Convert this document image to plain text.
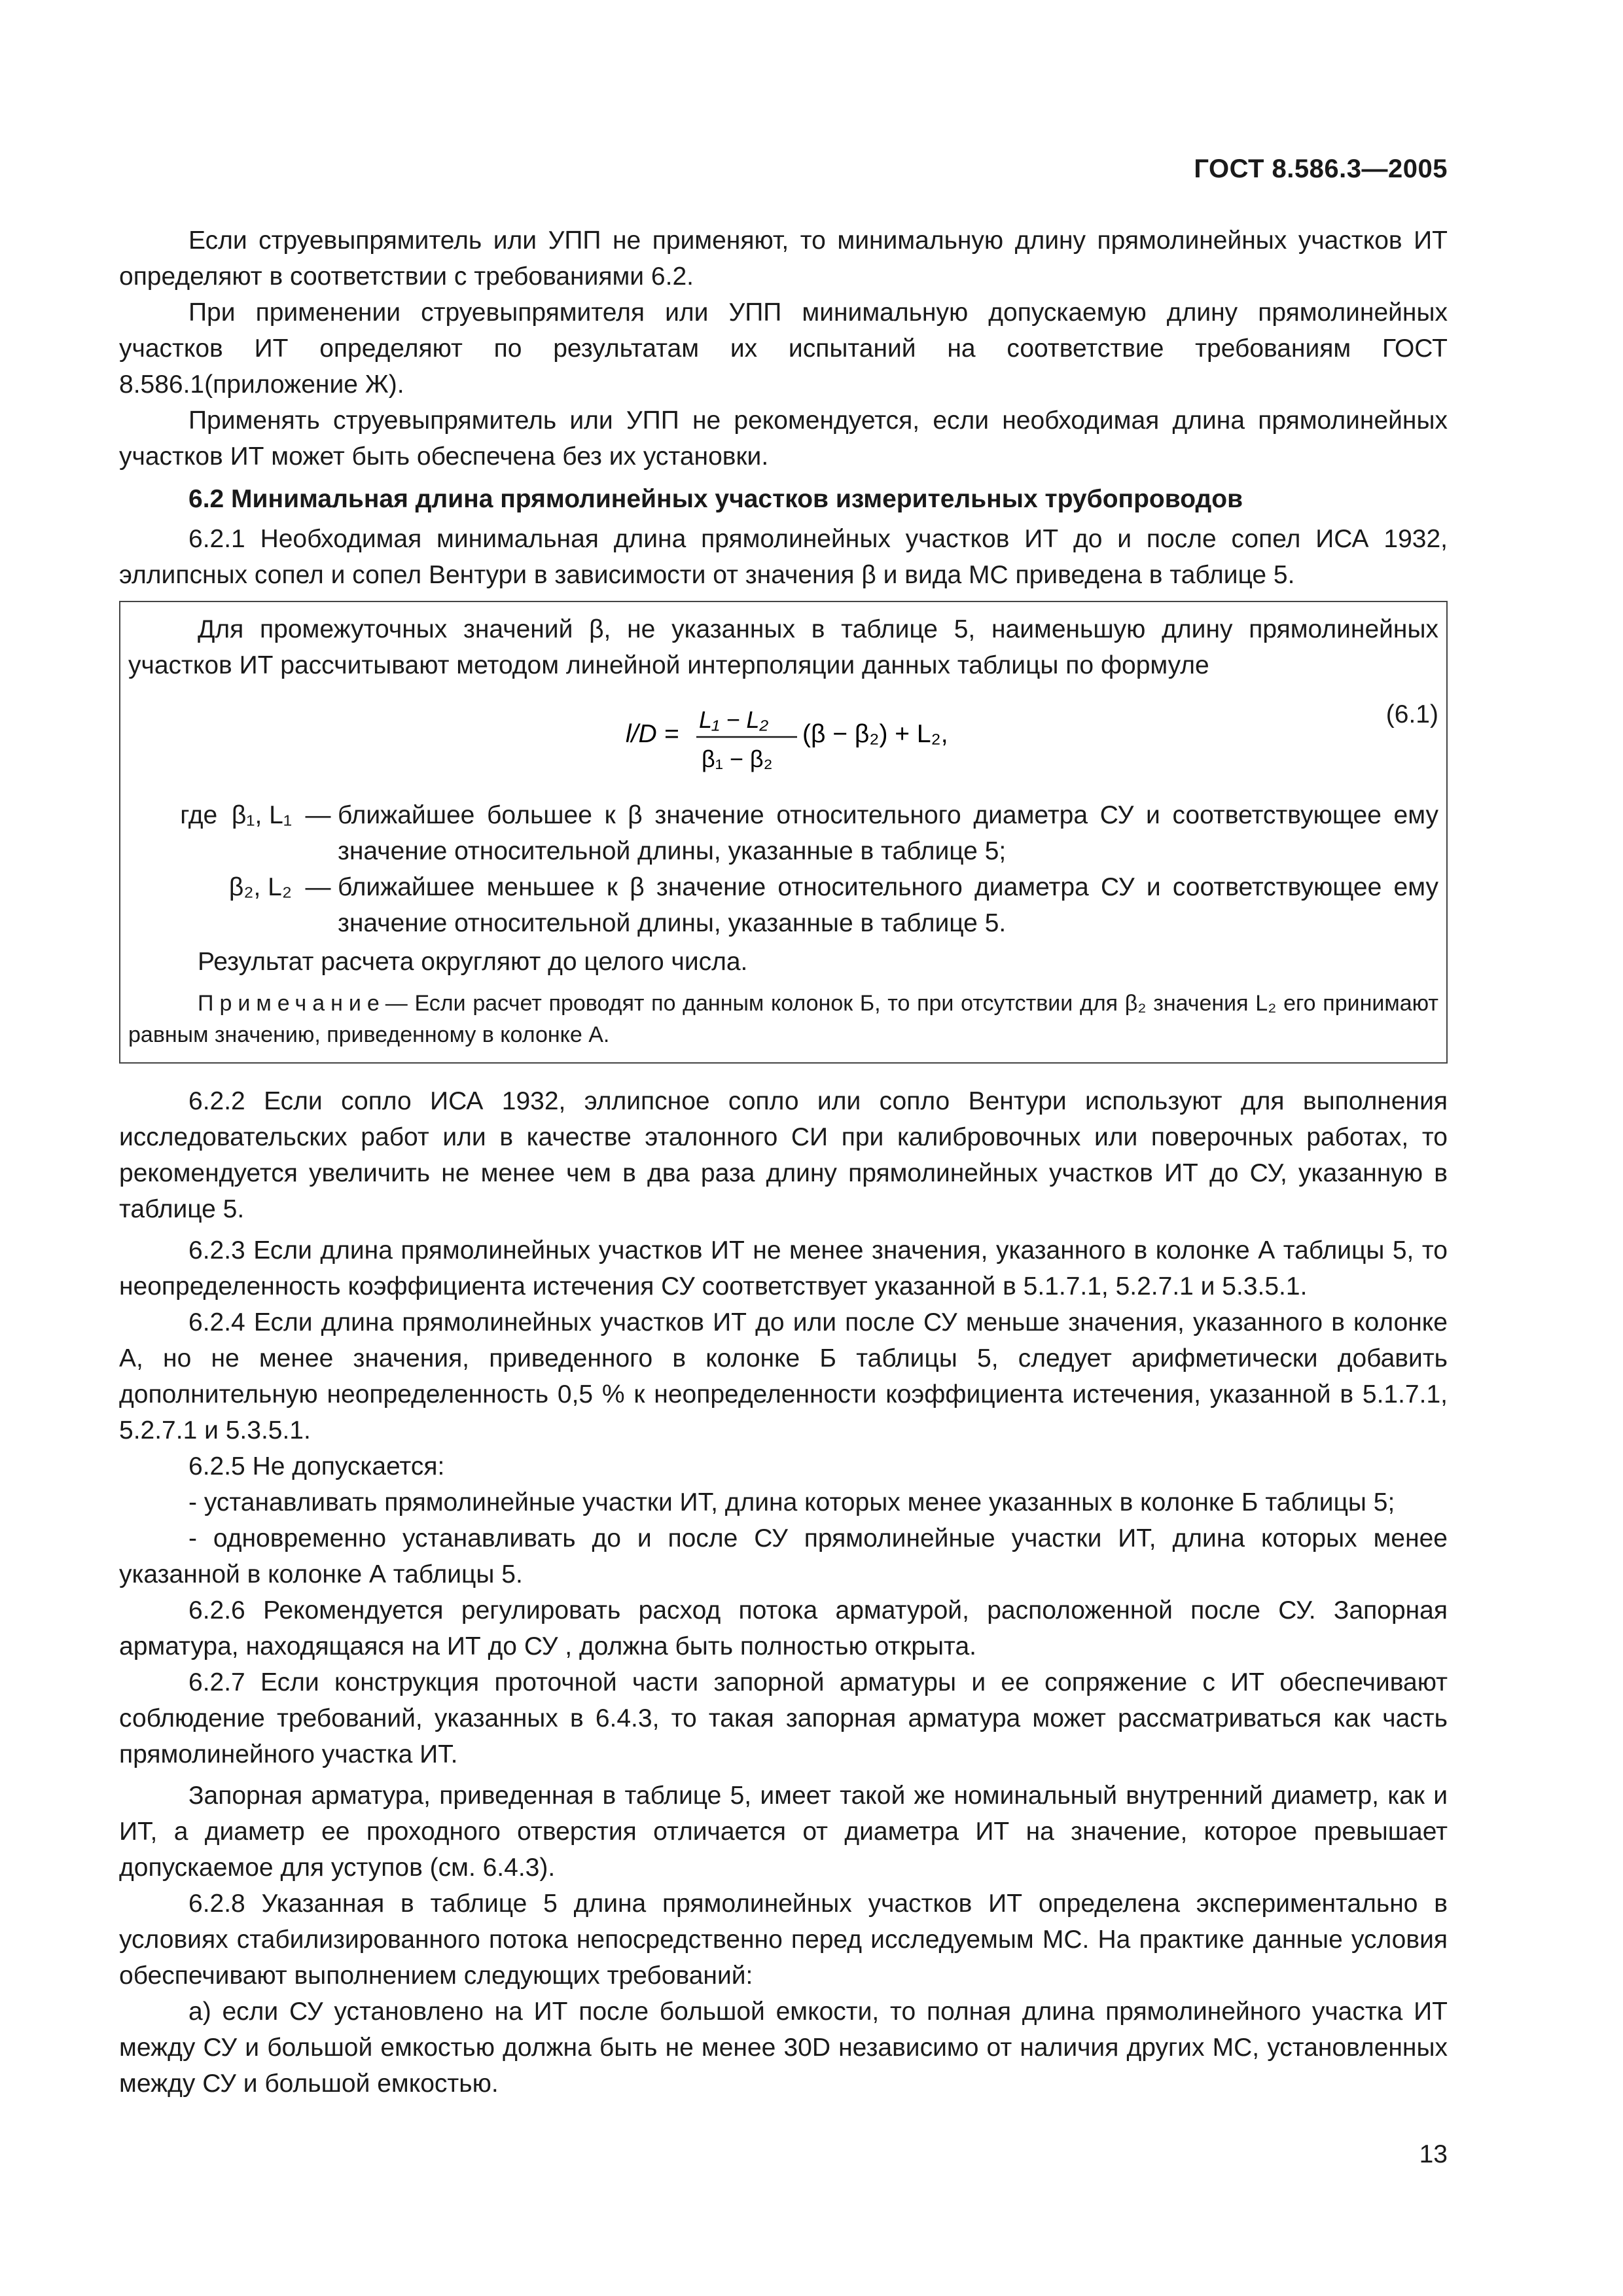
ГОСТ 8.586.3—2005

Если струевыпрямитель или УПП не применяют, то минимальную длину прямолинейных участков ИТ определяют в соответствии с требованиями 6.2.

При применении струевыпрямителя или УПП минимальную допускаемую длину прямолинейных участков ИТ определяют по результатам их испытаний на соответствие требованиям ГОСТ 8.586.1(приложение Ж).

Применять струевыпрямитель или УПП не рекомендуется, если необходимая длина прямолинейных участков ИТ может быть обеспечена без их установки.

6.2 Минимальная длина прямолинейных участков измерительных трубопроводов

6.2.1 Необходимая минимальная длина прямолинейных участков ИТ до и после сопел ИСА 1932, эллипсных сопел и сопел Вентури в зависимости от значения β и вида МС приведена в таблице 5.

Для промежуточных значений β, не указанных в таблице 5, наименьшую длину прямолинейных участков ИТ рассчитывают методом линейной интерполяции данных таблицы по формуле

l/D =
L₁ − L₂
β₁ − β₂
(β − β₂) + L₂,
(6.1)
где β₁, L₁ — ближайшее большее к β значение относительного диаметра СУ и соответствующее ему значение относительной длины, указанные в таблице 5;
β₂, L₂ — ближайшее меньшее к β значение относительного диаметра СУ и соответствующее ему значение относительной длины, указанные в таблице 5.

Результат расчета округляют до целого числа.

Примечание— Если расчет проводят по данным колонок Б, то при отсутствии для β₂ значения L₂ его принимают равным значению, приведенному в колонке А.

6.2.2 Если сопло ИСА 1932, эллипсное сопло или сопло Вентури используют для выполнения исследовательских работ или в качестве эталонного СИ при калибровочных или поверочных работах, то рекомендуется увеличить не менее чем в два раза длину прямолинейных участков ИТ до СУ, указанную в таблице 5.

6.2.3 Если длина прямолинейных участков ИТ не менее значения, указанного в колонке А таблицы 5, то неопределенность коэффициента истечения СУ соответствует указанной в 5.1.7.1, 5.2.7.1 и 5.3.5.1.

6.2.4 Если длина прямолинейных участков ИТ до или после СУ меньше значения, указанного в колонке А, но не менее значения, приведенного в колонке Б таблицы 5, следует арифметически добавить дополнительную неопределенность 0,5 % к неопределенности коэффициента истечения, указанной в 5.1.7.1, 5.2.7.1 и 5.3.5.1.

6.2.5 Не допускается:

- устанавливать прямолинейные участки ИТ, длина которых менее указанных в колонке Б таблицы 5;

- одновременно устанавливать до и после СУ прямолинейные участки ИТ, длина которых менее указанной в колонке А таблицы 5.

6.2.6 Рекомендуется регулировать расход потока арматурой, расположенной после СУ. Запорная арматура, находящаяся на ИТ до СУ , должна быть полностью открыта.

6.2.7 Если конструкция проточной части запорной арматуры и ее сопряжение с ИТ обеспечивают соблюдение требований, указанных в 6.4.3, то такая запорная арматура может рассматриваться как часть прямолинейного участка ИТ.

Запорная арматура, приведенная в таблице 5, имеет такой же номинальный внутренний диаметр, как и ИТ, а диаметр ее проходного отверстия отличается от диаметра ИТ на значение, которое превышает допускаемое для уступов (см. 6.4.3).

6.2.8 Указанная в таблице 5 длина прямолинейных участков ИТ определена экспериментально в условиях стабилизированного потока непосредственно перед исследуемым МС. На практике данные условия обеспечивают выполнением следующих требований:

а) если СУ установлено на ИТ после большой емкости, то полная длина прямолинейного участка ИТ между СУ и большой емкостью должна быть не менее 30D независимо от наличия других МС, установленных между СУ и большой емкостью.

13
